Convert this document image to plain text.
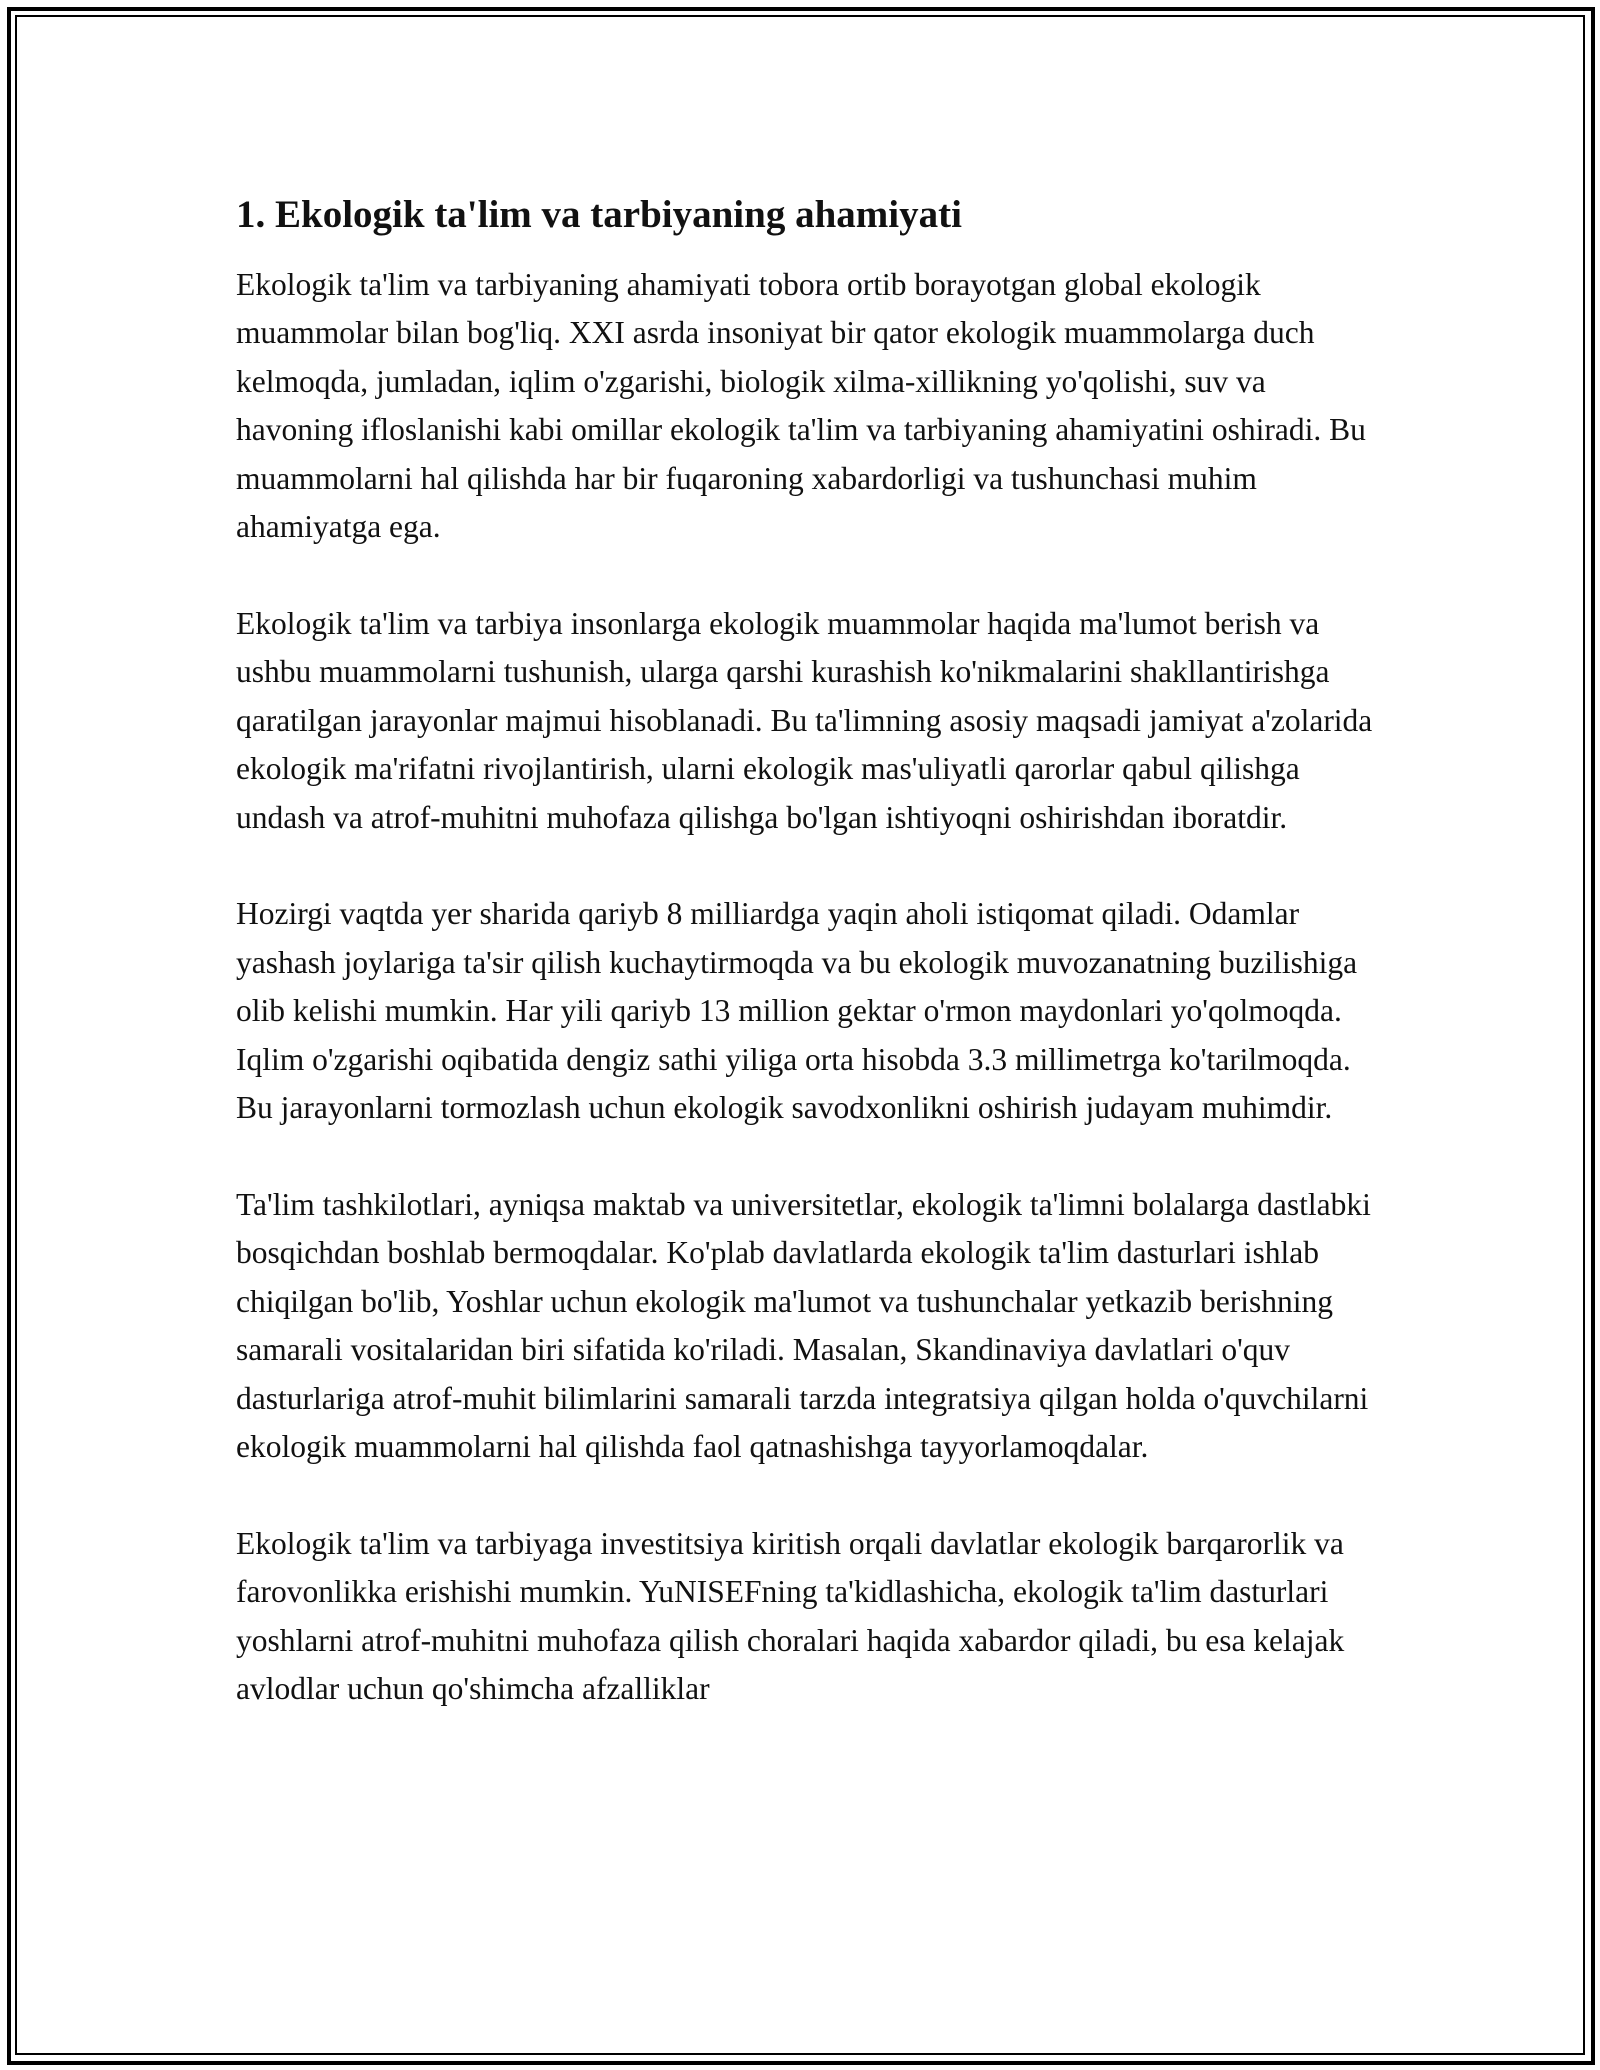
1. Ekologik ta'lim va tarbiyaning ahamiyati

Ekologik ta'lim va tarbiyaning ahamiyati tobora ortib borayotgan global ekologik muammolar bilan bog'liq. XXI asrda insoniyat bir qator ekologik muammolarga duch kelmoqda, jumladan, iqlim o'zgarishi, biologik xilma-xillikning yo'qolishi, suv va havoning ifloslanishi kabi omillar ekologik ta'lim va tarbiyaning ahamiyatini oshiradi. Bu muammolarni hal qilishda har bir fuqaroning xabardorligi va tushunchasi muhim ahamiyatga ega.

Ekologik ta'lim va tarbiya insonlarga ekologik muammolar haqida ma'lumot berish va ushbu muammolarni tushunish, ularga qarshi kurashish ko'nikmalarini shakllantirishga qaratilgan jarayonlar majmui hisoblanadi. Bu ta'limning asosiy maqsadi jamiyat a'zolarida ekologik ma'rifatni rivojlantirish, ularni ekologik mas'uliyatli qarorlar qabul qilishga undash va atrof-muhitni muhofaza qilishga bo'lgan ishtiyoqni oshirishdan iboratdir.

Hozirgi vaqtda yer sharida qariyb 8 milliardga yaqin aholi istiqomat qiladi. Odamlar yashash joylariga ta'sir qilish kuchaytirmoqda va bu ekologik muvozanatning buzilishiga olib kelishi mumkin. Har yili qariyb 13 million gektar o'rmon maydonlari yo'qolmoqda. Iqlim o'zgarishi oqibatida dengiz sathi yiliga orta hisobda 3.3 millimetrga ko'tarilmoqda. Bu jarayonlarni tormozlash uchun ekologik savodxonlikni oshirish judayam muhimdir.

Ta'lim tashkilotlari, ayniqsa maktab va universitetlar, ekologik ta'limni bolalarga dastlabki bosqichdan boshlab bermoqdalar. Ko'plab davlatlarda ekologik ta'lim dasturlari ishlab chiqilgan bo'lib, Yoshlar uchun ekologik ma'lumot va tushunchalar yetkazib berishning samarali vositalaridan biri sifatida ko'riladi. Masalan, Skandinaviya davlatlari o'quv dasturlariga atrof-muhit bilimlarini samarali tarzda integratsiya qilgan holda o'quvchilarni ekologik muammolarni hal qilishda faol qatnashishga tayyorlamoqdalar.

Ekologik ta'lim va tarbiyaga investitsiya kiritish orqali davlatlar ekologik barqarorlik va farovonlikka erishishi mumkin. YuNISEFning ta'kidlashicha, ekologik ta'lim dasturlari yoshlarni atrof-muhitni muhofaza qilish choralari haqida xabardor qiladi, bu esa kelajak avlodlar uchun qo'shimcha afzalliklar
